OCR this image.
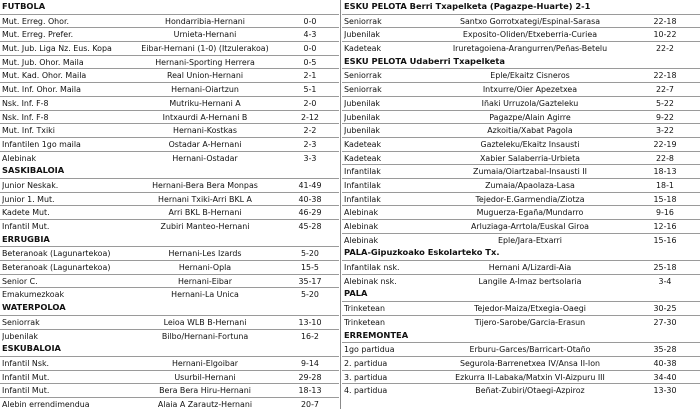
FUTBOLA
Mut. Erreg. Ohor.	Hondarribia-Hernani	0-0
Mut. Erreg. Prefer.	Urnieta-Hernani	4-3
Mut. Jub. Liga Nz. Eus. Kopa	Eibar-Hernani (1-0) (Itzulerakoa)	0-0
Mut. Jub. Ohor. Maila	Hernani-Sporting Herrera	0-5
Mut. Kad. Ohor. Maila	Real Union-Hernani	2-1
Mut. Inf. Ohor. Maila	Hernani-Oiartzun	5-1
Nsk. Inf. F-8	Mutriku-Hernani A	2-0
Nsk. Inf. F-8	Intxaurdi A-Hernani B	2-12
Mut. Inf. Txiki	Hernani-Kostkas	2-2
Infantilen 1go maila	Ostadar A-Hernani	2-3
Alebinak	Hernani-Ostadar	3-3
SASKIBALOIA
Junior Neskak.	Hernani-Bera Bera Monpas	41-49
Junior 1. Mut.	Hernani Txiki-Arri BKL A	40-38
Kadete Mut.	Arri BKL B-Hernani	46-29
Infantil Mut.	Zubiri Manteo-Hernani	45-28
ERRUGBIA
Beteranoak (Lagunartekoa)	Hernani-Les Izards	5-20
Beteranoak (Lagunartekoa)	Hernani-Opla	15-5
Senior C.	Hernani-Eibar	35-17
Emakumezkoak	Hernani-La Unica	5-20
WATERPOLOA
Seniorrak	Leioa WLB B-Hernani	13-10
Jubenilak	Bilbo/Hernani-Fortuna	16-2
ESKUBALOIA
Infantil Nsk.	Hernani-Elgoibar	9-14
Infantil Mut.	Usurbil-Hernani	29-28
Infantil Mut.	Bera Bera Hiru-Hernani	18-13
Alebin errendimendua	Alaia A Zarautz-Hernani	20-7
ESKU PELOTA Berri Txapelketa (Pagazpe-Huarte) 2-1
Seniorrak	Santxo Gorrotxategi/Espinal-Sarasa	22-18
Jubenilak	Exposito-Oliden/Etxeberria-Curiea	10-22
Kadeteak	Iruretagoiena-Arangurren/Peñas-Betelu	22-2
ESKU PELOTA Udaberri Txapelketa
Seniorrak	Eple/Ekaitz Cisneros	22-18
Seniorrak	Intxurre/Oier Apezetxea	22-7
Jubenilak	Iñaki Urruzola/Gazteleku	5-22
Jubenilak	Pagazpe/Alain Agirre	9-22
Jubenilak	Azkoitia/Xabat Pagola	3-22
Kadeteak	Gazteleku/Ekaitz Insausti	22-19
Kadeteak	Xabier Salaberria-Urbieta	22-8
Infantilak	Zumaia/Oiartzabal-Insausti II	18-13
Infantilak	Zumaia/Apaolaza-Lasa	18-1
Infantilak	Tejedor-E.Garmendia/Ziotza	15-18
Alebinak	Muguerza-Egaña/Mundarro	9-16
Alebinak	Arluziaga-Arrtola/Euskal Giroa	12-16
Alebinak	Eple/Jara-Etxarri	15-16
PALA-Gipuzkoako Eskolarteko Tx.
Infantilak nsk.	Hernani A/Lizardi-Aia	25-18
Alebinak nsk.	Langile A-Imaz bertsolaria	3-4
PALA
Trinketean	Tejedor-Maiza/Etxegia-Oaegi	30-25
Trinketean	Tijero-Sarobe/Garcia-Erasun	27-30
ERREMONTEA
1go partidua	Erburu-Garces/Barricart-Otaño	35-28
2. partidua	Segurola-Barrenetxea IV/Ansa II-Ion	40-38
3. partidua	Ezkurra II-Labaka/Matxin VI-Aizpuru III	34-40
4. partidua	Beñat-Zubiri/Otaegi-Azpiroz	13-30
